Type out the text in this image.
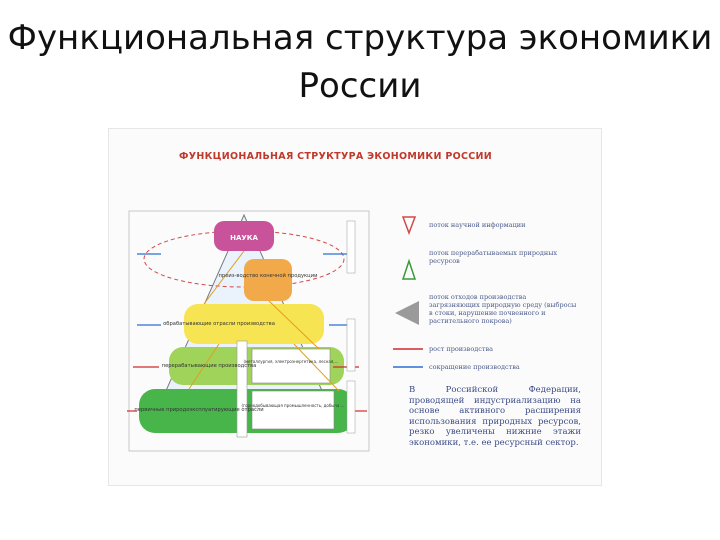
Функциональная структура экономики России

ФУНКЦИОНАЛЬНАЯ СТРУКТУРА ЭКОНОМИКИ РОССИИ
НАУКА
преиз-водство конечной продукции
обрабатывающие отрасли производства
перерабатывающие производства
первичные природоэксплуатирующие отрасли
(металлургия, электроэнергетика, лесная,…
(горнодобывающая промышленность, добыча …
поток научной информации
поток перерабатываемых природных ресурсов
поток отходов производства загрязняющих природную среду (выбросы в стоки, нарушение почвенного и растительного покрова)
рост производства
сокращение производства
В Российской Федерации, проводящей индустриализацию на основе активного расширения использования природных ресурсов, резко увеличены нижние этажи экономики, т.е. ее ресурсный сектор.
